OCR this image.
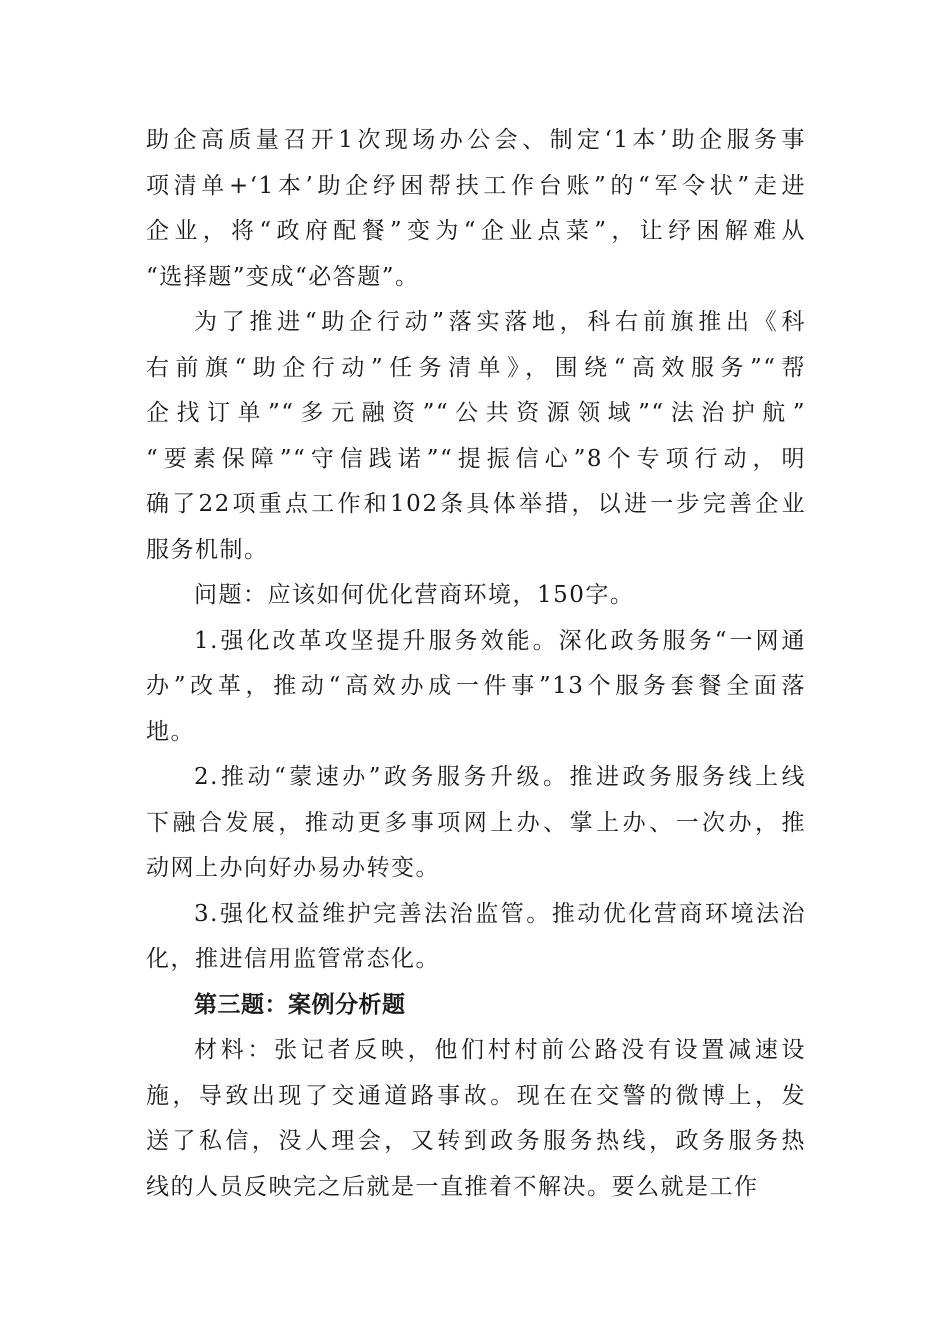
助企高质量召开1次现场办公会、制定‘1本’助企服务事
项清单+‘1本’助企纾困帮扶工作台账”的“军令状”走进
企业，将“政府配餐”变为“企业点菜”，让纾困解难从
“选择题”变成“必答题”。

为了推进“助企行动”落实落地，科右前旗推出《科
右前旗“助企行动”任务清单》，围绕“高效服务”“帮
企找订单”“多元融资”“公共资源领域”“法治护航”
“要素保障”“守信践诺”“提振信心”8个专项行动，明
确了22项重点工作和102条具体举措，以进一步完善企业
服务机制。

问题：应该如何优化营商环境，150字。

1.强化改革攻坚提升服务效能。深化政务服务“一网通
办”改革，推动“高效办成一件事”13个服务套餐全面落
地。

2.推动“蒙速办”政务服务升级。推进政务服务线上线
下融合发展，推动更多事项网上办、掌上办、一次办，推
动网上办向好办易办转变。

3.强化权益维护完善法治监管。推动优化营商环境法治
化，推进信用监管常态化。

第三题：案例分析题

材料：张记者反映，他们村村前公路没有设置减速设
施，导致出现了交通道路事故。现在在交警的微博上，发
送了私信，没人理会，又转到政务服务热线，政务服务热
线的人员反映完之后就是一直推着不解决。要么就是工作
